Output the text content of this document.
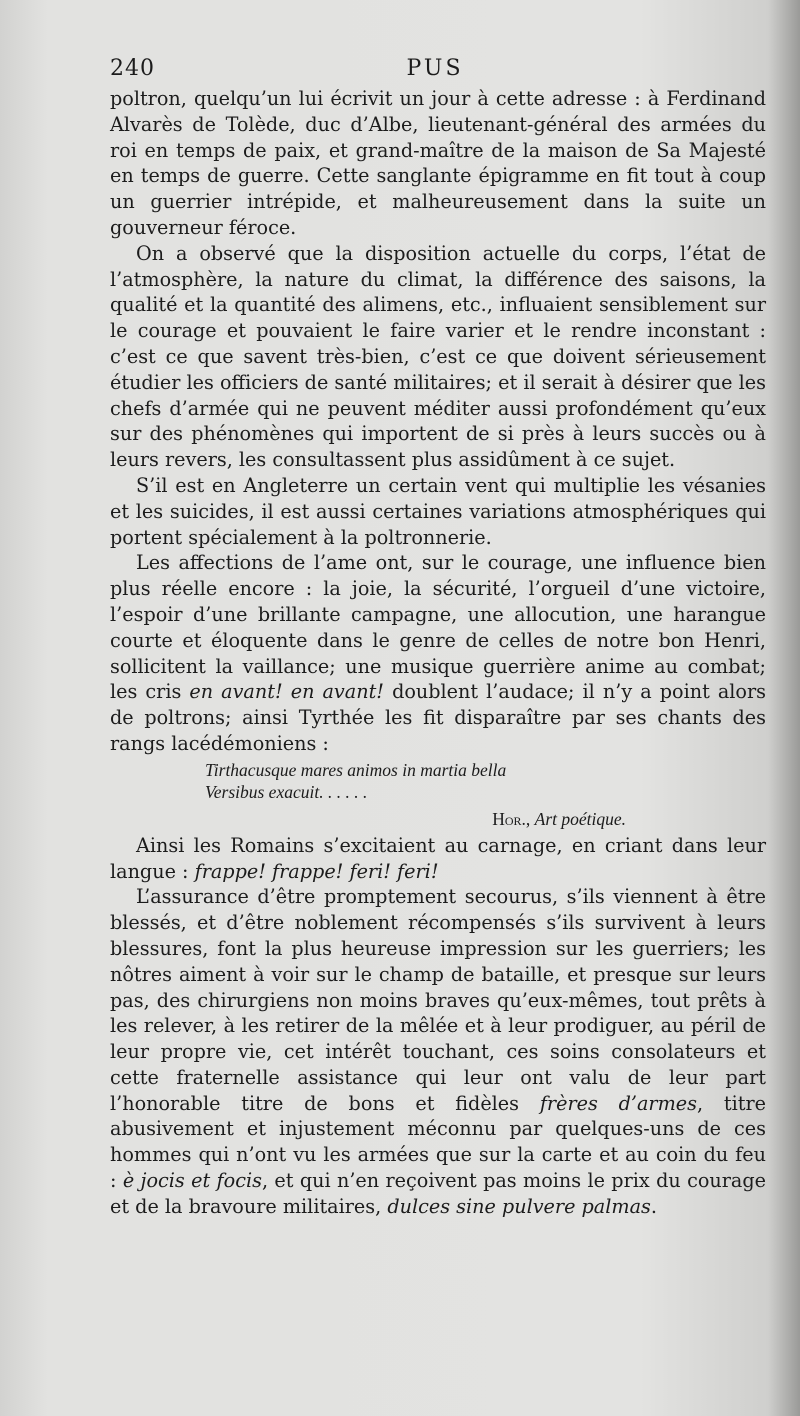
240	PUS

poltron, quelqu’un lui écrivit un jour à cette adresse : à Ferdinand Alvarès de Tolède, duc d’Albe, lieutenant-général des armées du roi en temps de paix, et grand-maître de la maison de Sa Majesté en temps de guerre. Cette sanglante épigramme en fit tout à coup un guerrier intrépide, et malheureusement dans la suite un gouverneur féroce.

On a observé que la disposition actuelle du corps, l’état de l’atmosphère, la nature du climat, la différence des saisons, la qualité et la quantité des alimens, etc., influaient sensiblement sur le courage et pouvaient le faire varier et le rendre inconstant : c’est ce que savent très-bien, c’est ce que doivent sérieusement étudier les officiers de santé militaires; et il serait à désirer que les chefs d’armée qui ne peuvent méditer aussi profondément qu’eux sur des phénomènes qui importent de si près à leurs succès ou à leurs revers, les consultassent plus assidûment à ce sujet.

S’il est en Angleterre un certain vent qui multiplie les vésanies et les suicides, il est aussi certaines variations atmosphériques qui portent spécialement à la poltronnerie.

Les affections de l’ame ont, sur le courage, une influence bien plus réelle encore : la joie, la sécurité, l’orgueil d’une victoire, l’espoir d’une brillante campagne, une allocution, une harangue courte et éloquente dans le genre de celles de notre bon Henri, sollicitent la vaillance; une musique guerrière anime au combat; les cris en avant! en avant! doublent l’audace; il n’y a point alors de poltrons; ainsi Tyrthée les fit disparaître par ses chants des rangs lacédémoniens :

Tirthacusque mares animos in martia bella
Versibus exacuit. . . . . .
Hor., Art poétique.

Ainsi les Romains s’excitaient au carnage, en criant dans leur langue : frappe! frappe! feri! feri!

L’assurance d’être promptement secourus, s’ils viennent à être blessés, et d’être noblement récompensés s’ils survivent à leurs blessures, font la plus heureuse impression sur les guerriers; les nôtres aiment à voir sur le champ de bataille, et presque sur leurs pas, des chirurgiens non moins braves qu’eux-mêmes, tout prêts à les relever, à les retirer de la mêlée et à leur prodiguer, au péril de leur propre vie, cet intérêt touchant, ces soins consolateurs et cette fraternelle assistance qui leur ont valu de leur part l’honorable titre de bons et fidèles frères d’armes, titre abusivement et injustement méconnu par quelques-uns de ces hommes qui n’ont vu les armées que sur la carte et au coin du feu : è jocis et focis, et qui n’en reçoivent pas moins le prix du courage et de la bravoure militaires, dulces sine pulvere palmas.
